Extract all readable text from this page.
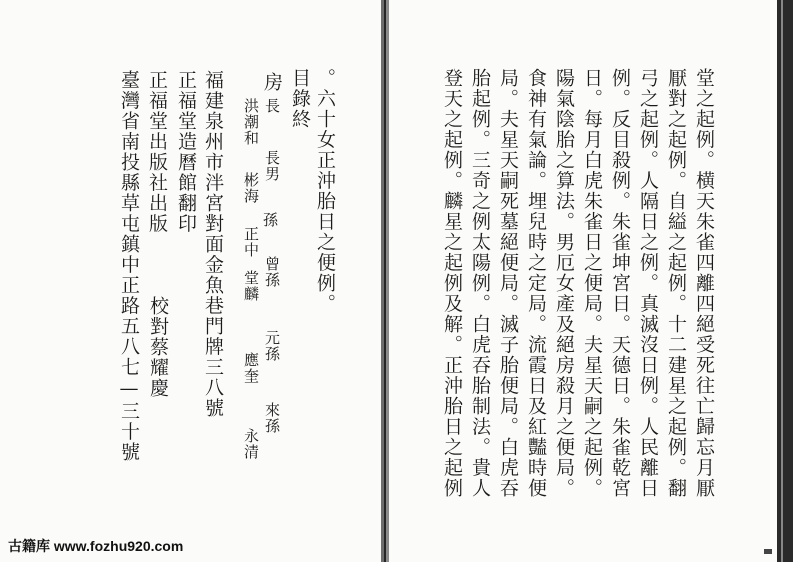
。六十女正沖胎日之便例。
目錄終
房
長
洪潮和
長男
彬海
孫
正中
曾孫
堂麟
元孫
應奎
來孫
永清
福建泉州市泮宮對面金魚巷門牌三八號
正福堂造曆館翻印
正福堂出版社出版
校對蔡耀慶
臺灣省南投縣草屯鎮中正路五八七—三十號
古籍库 www.fozhu920.com
堂之起例。横天朱雀四離四絕受死往亡歸忘月厭
厭對之起例。自縊之起例。十二建星之起例。翻
弓之起例。人隔日之例。真滅沒日例。人民離日
例。反目殺例。朱雀坤宮日。天德日。朱雀乾宮
日。每月白虎朱雀日之便局。夫星天嗣之起例。
陽氣陰胎之算法。男厄女產及絕房殺月之便局。
食神有氣論。埋兒時之定局。流霞日及紅豔時便
局。夫星天嗣死墓絕便局。滅子胎便局。白虎吞
胎起例。三奇之例太陽例。白虎吞胎制法。貴人
登天之起例。麟星之起例及解。正沖胎日之起例
